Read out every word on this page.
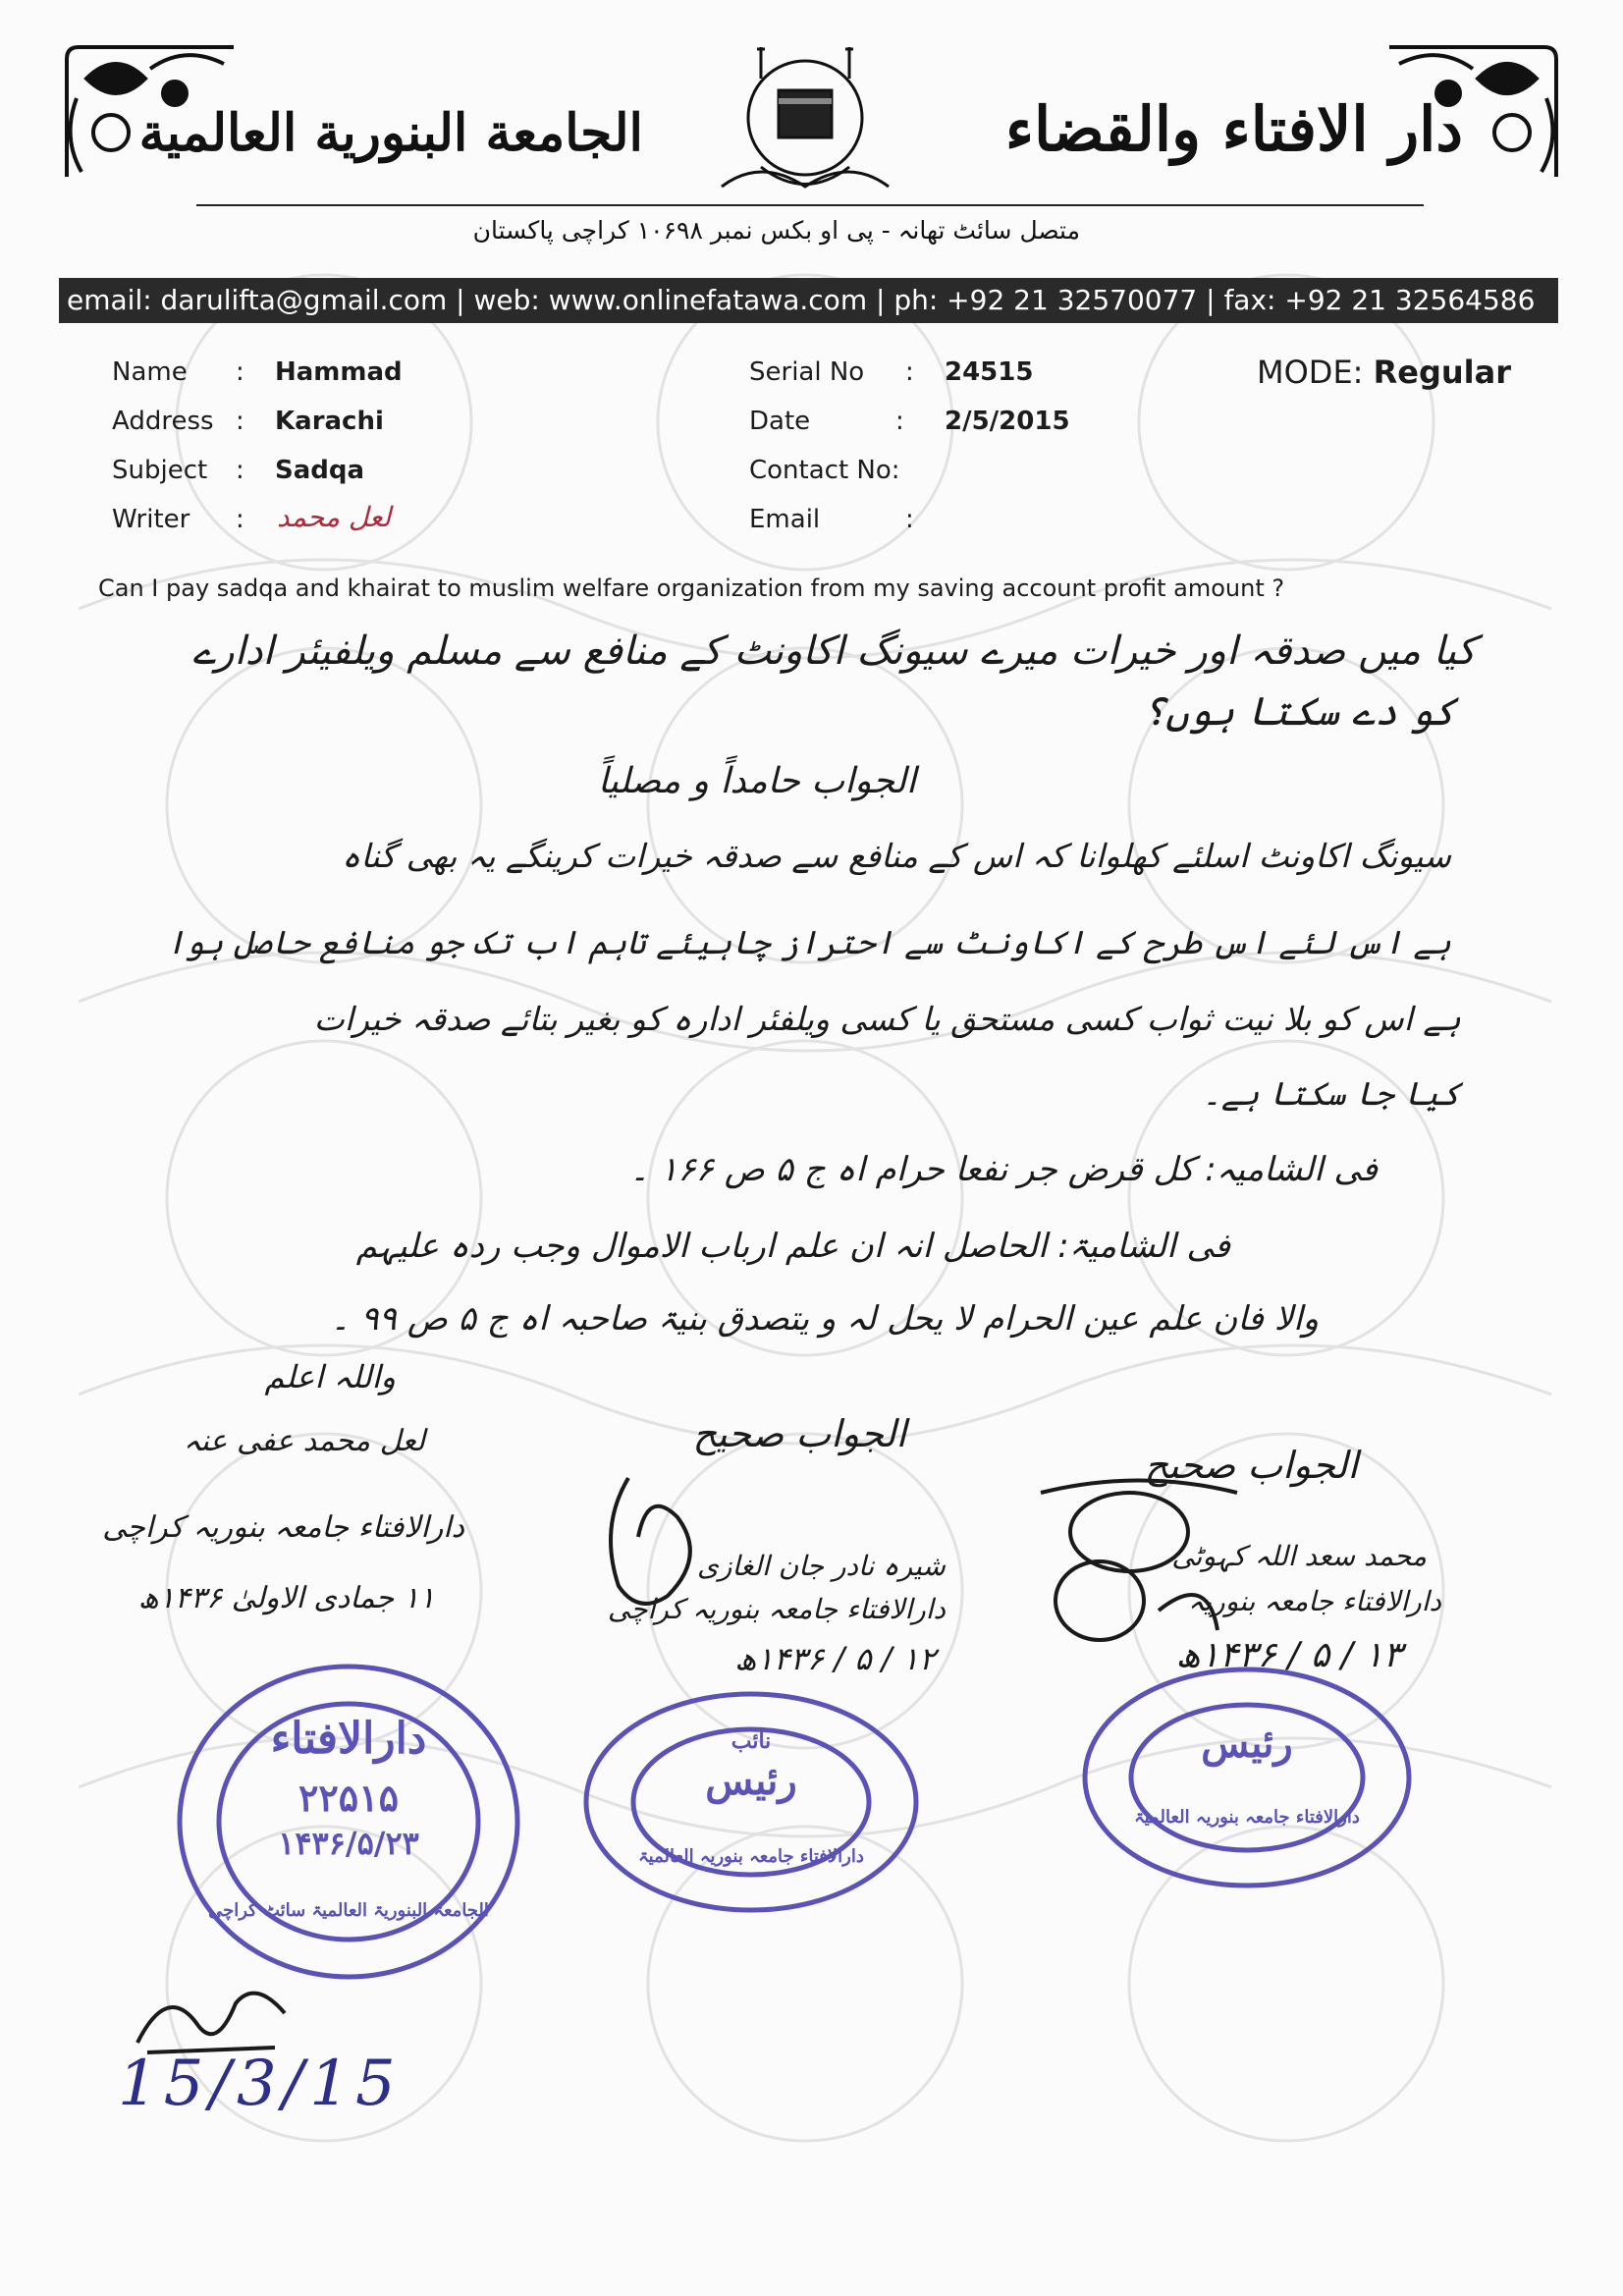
دار الافتاء والقضاء
الجامعة البنورية العالمية
متصل سائٹ تھانہ - پی او بکس نمبر ۱۰۶۹۸ کراچی پاکستان
email: darulifta@gmail.com | web: www.onlinefatawa.com | ph: +92 21 32570077 | fax: +92 21 32564586
Name : Hammad
Address : Karachi
Subject : Sadqa
Writer : لعل محمد
Serial No : 24515
Date	: 2/5/2015
Contact No:
Email	:
MODE: Regular
Can I pay sadqa and khairat to muslim welfare organization from my saving account profit amount ?
کیا میں صدقہ اور خیرات میرے سیونگ اکاونٹ کے منافع سے مسلم ویلفیئر ادارے
کو دے سکتا ہوں؟
الجواب حامداً و مصلیاً
سیونگ اکاونٹ اسلئے کھلوانا کہ اس کے منافع سے صدقہ خیرات کرینگے یہ بھی گناہ
ہے اس لئے اس طرح کے اکاونٹ سے احتراز چاہیئے تاہم اب تک جو منافع حاصل ہوا
ہے اس کو بلا نیت ثواب کسی مستحق یا کسی ویلفئر ادارہ کو بغیر بتائے صدقہ خیرات
کیا جا سکتا ہے۔
فی الشامیہ: کل قرض جر نفعا حرام اہ ج ۵ ص ۱۶۶ ۔
فی الشامیۃ: الحاصل انہ ان علم ارباب الاموال وجب ردہ علیہم
والا فان علم عین الحرام لا یحل لہ و یتصدق بنیۃ صاحبہ اہ ج ۵ ص ۹۹ ۔
واللہ اعلم
لعل محمد عفی عنہ
دارالافتاء جامعہ بنوریہ کراچی
۱۱ جمادی الاولیٰ ۱۴۳۶ھ
الجواب صحیح
شیرہ نادر جان الغازی
دارالافتاء جامعہ بنوریہ کراچی
۱۲ / ۵ / ۱۴۳۶ھ
الجواب صحیح
محمد سعد اللہ کہوٹی
دارالافتاء جامعہ بنوریہ
۱۳ / ۵ / ۱۴۳۶ھ
دارالافتاء
۲۲۵۱۵
۱۴۳۶/۵/۲۳
الجامعۃ البنوریۃ العالمیۃ سائٹ کراچی
نائب
رئیس
دارالافتاء جامعہ بنوریہ العالمیۃ
رئیس
دارالافتاء جامعہ بنوریہ العالمیۃ
15/3/15
